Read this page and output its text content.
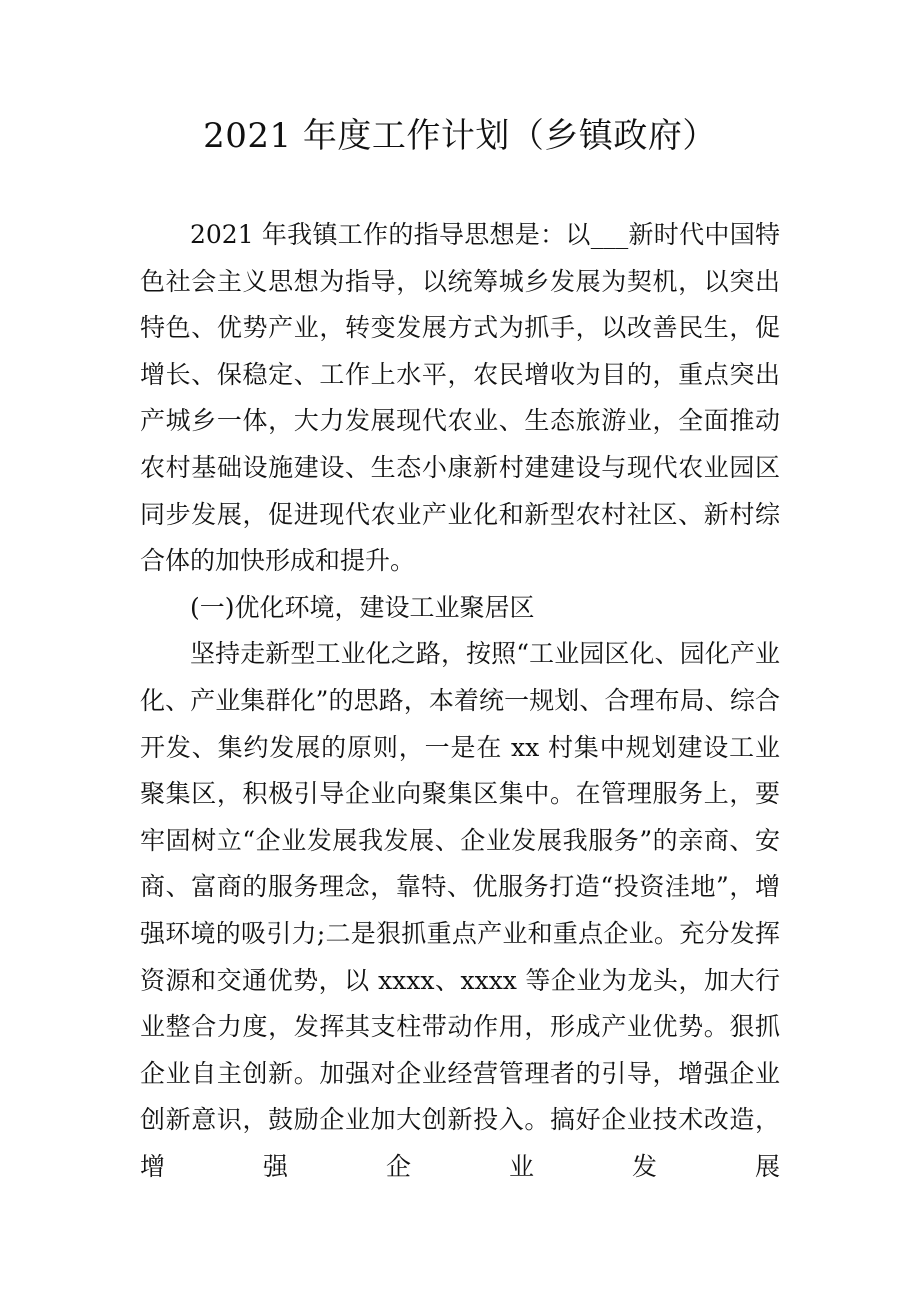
2021 年度工作计划（乡镇政府）

2021 年我镇工作的指导思想是：以___新时代中国特色社会主义思想为指导，以统筹城乡发展为契机，以突出特色、优势产业，转变发展方式为抓手，以改善民生，促增长、保稳定、工作上水平，农民增收为目的，重点突出产城乡一体，大力发展现代农业、生态旅游业，全面推动农村基础设施建设、生态小康新村建建设与现代农业园区同步发展，促进现代农业产业化和新型农村社区、新村综合体的加快形成和提升。

(一)优化环境，建设工业聚居区

坚持走新型工业化之路，按照“工业园区化、园化产业化、产业集群化”的思路，本着统一规划、合理布局、综合开发、集约发展的原则，一是在 xx 村集中规划建设工业聚集区，积极引导企业向聚集区集中。在管理服务上，要牢固树立“企业发展我发展、企业发展我服务”的亲商、安商、富商的服务理念，靠特、优服务打造“投资洼地”，增强环境的吸引力;二是狠抓重点产业和重点企业。充分发挥资源和交通优势，以 xxxx、xxxx 等企业为龙头，加大行业整合力度，发挥其支柱带动作用，形成产业优势。狠抓企业自主创新。加强对企业经营管理者的引导，增强企业创新意识，鼓励企业加大创新投入。搞好企业技术改造，增强企业发展
